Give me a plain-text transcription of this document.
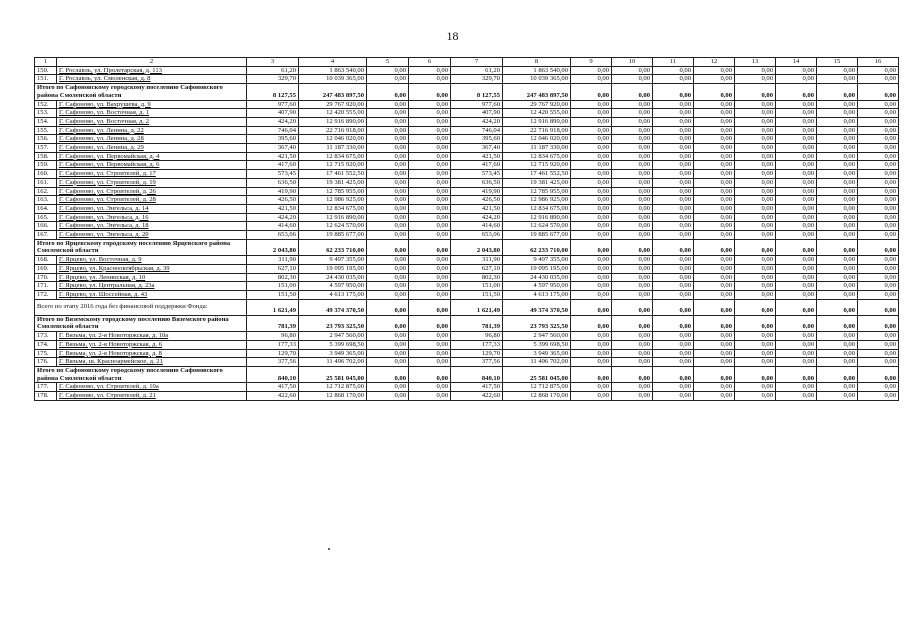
18
1	2	3	4	5	6	7	8	9	10	11	12	13	14	15	16
150.	Г. Рославль, ул. Пролетарская, д. 113	61,20	1 863 540,00	0,00	0,00	61,20	1 863 540,00	0,00	0,00	0,00	0,00	0,00	0,00	0,00	0,00
151.	Г. Рославль, ул. Смоленская, д. 8	329,70	10 039 365,00	0,00	0,00	329,70	10 039 365,00	0,00	0,00	0,00	0,00	0,00	0,00	0,00	0,00
Итого по Сафоновскому городскому поселению Сафоновского района Смоленской области		8 127,55	247 483 897,50	0,00	0,00	8 127,55	247 483 897,50	0,00	0,00	0,00	0,00	0,00	0,00	0,00	0,00
152.	Г. Сафоново, ул. Вахрушева, д. 9	977,60	29 767 920,00	0,00	0,00	977,60	29 767 920,00	0,00	0,00	0,00	0,00	0,00	0,00	0,00	0,00
153.	Г. Сафоново, ул. Восточная, д. 1	407,90	12 420 555,00	0,00	0,00	407,90	12 420 555,00	0,00	0,00	0,00	0,00	0,00	0,00	0,00	0,00
154.	Г. Сафоново, ул. Восточная, д. 2	424,20	12 916 890,00	0,00	0,00	424,20	12 916 890,00	0,00	0,00	0,00	0,00	0,00	0,00	0,00	0,00
155.	Г. Сафоново, ул. Ленина, д. 22	746,04	22 716 918,00	0,00	0,00	746,04	22 716 918,00	0,00	0,00	0,00	0,00	0,00	0,00	0,00	0,00
156.	Г. Сафоново, ул. Ленина, д. 28	395,60	12 046 020,00	0,00	0,00	395,60	12 046 020,00	0,00	0,00	0,00	0,00	0,00	0,00	0,00	0,00
157.	Г. Сафоново, ул. Ленина, д. 29	367,40	11 187 330,00	0,00	0,00	367,40	11 187 330,00	0,00	0,00	0,00	0,00	0,00	0,00	0,00	0,00
158.	Г. Сафоново, ул. Первомайская, д. 4	421,50	12 834 675,00	0,00	0,00	421,50	12 834 675,00	0,00	0,00	0,00	0,00	0,00	0,00	0,00	0,00
159.	Г. Сафоново, ул. Первомайская, д. 6	417,60	12 715 920,00	0,00	0,00	417,60	12 715 920,00	0,00	0,00	0,00	0,00	0,00	0,00	0,00	0,00
160.	Г. Сафоново, ул. Строителей, д. 17	573,45	17 461 552,50	0,00	0,00	573,45	17 461 552,50	0,00	0,00	0,00	0,00	0,00	0,00	0,00	0,00
161.	Г. Сафоново, ул. Строителей, д. 19	636,50	19 381 425,00	0,00	0,00	636,50	19 381 425,00	0,00	0,00	0,00	0,00	0,00	0,00	0,00	0,00
162.	Г. Сафоново, ул. Строителей, д. 26	419,90	12 785 955,00	0,00	0,00	419,90	12 785 955,00	0,00	0,00	0,00	0,00	0,00	0,00	0,00	0,00
163.	Г. Сафоново, ул. Строителей, д. 28	426,50	12 986 925,00	0,00	0,00	426,50	12 986 925,00	0,00	0,00	0,00	0,00	0,00	0,00	0,00	0,00
164.	Г. Сафоново, ул. Энгельса, д. 14	421,50	12 834 675,00	0,00	0,00	421,50	12 834 675,00	0,00	0,00	0,00	0,00	0,00	0,00	0,00	0,00
165.	Г. Сафоново, ул. Энгельса, д. 16	424,20	12 916 890,00	0,00	0,00	424,20	12 916 890,00	0,00	0,00	0,00	0,00	0,00	0,00	0,00	0,00
166.	Г. Сафоново, ул. Энгельса, д. 18	414,60	12 624 570,00	0,00	0,00	414,60	12 624 570,00	0,00	0,00	0,00	0,00	0,00	0,00	0,00	0,00
167.	Г. Сафоново, ул. Энгельса, д. 20	653,06	19 885 677,00	0,00	0,00	653,06	19 885 677,00	0,00	0,00	0,00	0,00	0,00	0,00	0,00	0,00
Итого по Ярцевскому городскому поселению Ярцевского района Смоленской области		2 043,80	62 233 710,00	0,00	0,00	2 043,80	62 233 710,00	0,00	0,00	0,00	0,00	0,00	0,00	0,00	0,00
168.	Г. Ярцево, ул. Восточная, д. 9	311,90	9 497 355,00	0,00	0,00	311,90	9 497 355,00	0,00	0,00	0,00	0,00	0,00	0,00	0,00	0,00
169.	Г. Ярцево, ул. Краснооктябрьская, д. 39	627,10	19 095 195,00	0,00	0,00	627,10	19 095 195,00	0,00	0,00	0,00	0,00	0,00	0,00	0,00	0,00
170.	Г. Ярцево, ул. Ленинская, д. 10	802,30	24 430 035,00	0,00	0,00	802,30	24 430 035,00	0,00	0,00	0,00	0,00	0,00	0,00	0,00	0,00
171.	Г. Ярцево, ул. Центральная, д. 23а	151,00	4 597 950,00	0,00	0,00	151,00	4 597 950,00	0,00	0,00	0,00	0,00	0,00	0,00	0,00	0,00
172.	Г. Ярцево, ул. Шоссейная, д. 43	151,50	4 613 175,00	0,00	0,00	151,50	4 613 175,00	0,00	0,00	0,00	0,00	0,00	0,00	0,00	0,00
Всего по этапу 2016 года без финансовой поддержки Фонда:		1 621,49	49 374 370,50	0,00	0,00	1 621,49	49 374 370,50	0,00	0,00	0,00	0,00	0,00	0,00	0,00	0,00
Итого по Вяземскому городскому поселению Вяземского района Смоленской области		781,39	23 793 325,50	0,00	0,00	781,39	23 793 325,50	0,00	0,00	0,00	0,00	0,00	0,00	0,00	0,00
173.	Г. Вязьма, ул. 2-я Новоторжская, д. 10а	96,80	2 947 560,00	0,00	0,00	96,80	2 947 560,00	0,00	0,00	0,00	0,00	0,00	0,00	0,00	0,00
174.	Г. Вязьма, ул. 2-я Новоторжская, д. 6	177,33	5 399 698,50	0,00	0,00	177,33	5 399 698,50	0,00	0,00	0,00	0,00	0,00	0,00	0,00	0,00
175.	Г. Вязьма, ул. 2-я Новоторжская, д. 8	129,70	3 949 365,00	0,00	0,00	129,70	3 949 365,00	0,00	0,00	0,00	0,00	0,00	0,00	0,00	0,00
176.	Г. Вязьма, ш. Красноармейское, д. 21	377,56	11 496 702,00	0,00	0,00	377,56	11 496 702,00	0,00	0,00	0,00	0,00	0,00	0,00	0,00	0,00
Итого по Сафоновскому городскому поселению Сафоновского района Смоленской области		840,10	25 581 045,00	0,00	0,00	840,10	25 581 045,00	0,00	0,00	0,00	0,00	0,00	0,00	0,00	0,00
177.	Г. Сафоново, ул. Строителей, д. 10а	417,50	12 712 875,00	0,00	0,00	417,50	12 712 875,00	0,00	0,00	0,00	0,00	0,00	0,00	0,00	0,00
178.	Г. Сафоново, ул. Строителей, д. 21	422,60	12 868 170,00	0,00	0,00	422,60	12 868 170,00	0,00	0,00	0,00	0,00	0,00	0,00	0,00	0,00
